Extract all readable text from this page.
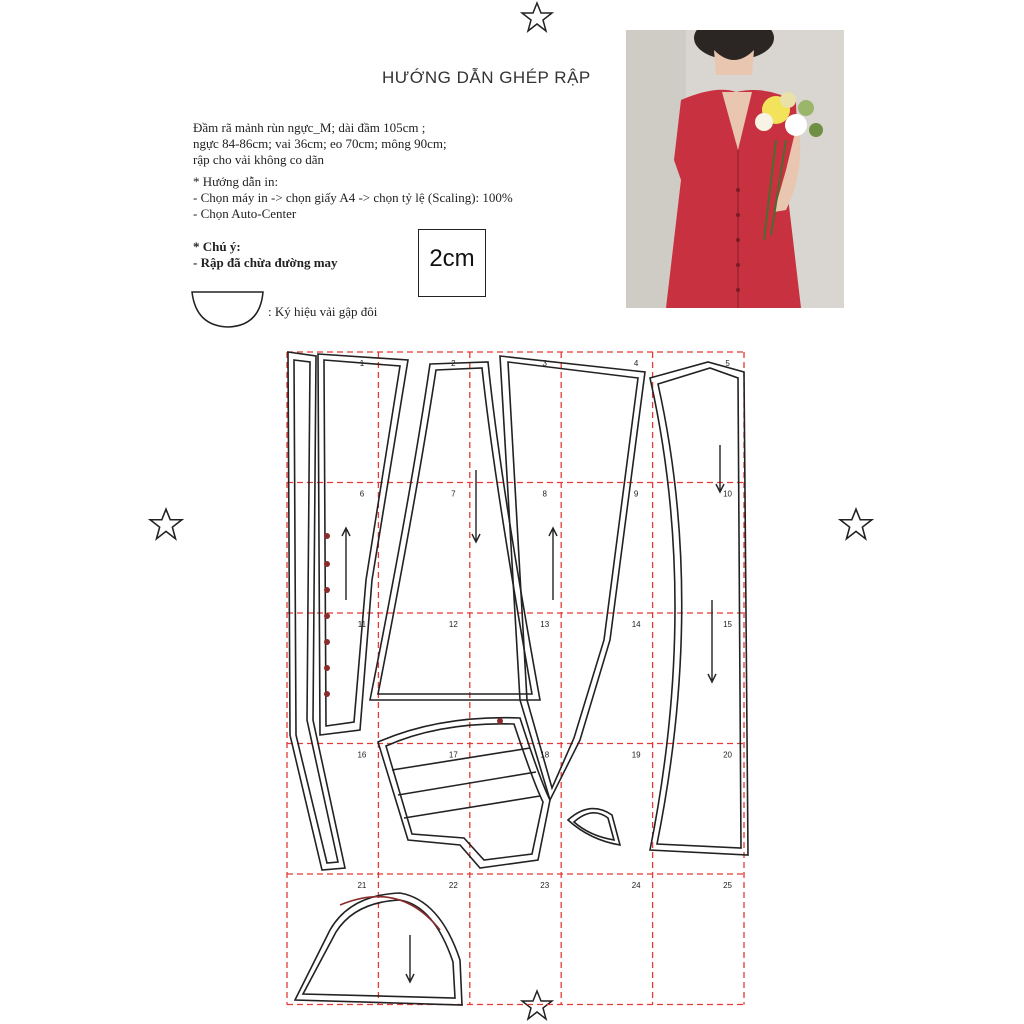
HƯỚNG DẪN GHÉP RẬP
Đầm rã mảnh rùn ngực_M; dài đầm 105cm ;
ngực 84-86cm; vai 36cm; eo 70cm; mông 90cm;
rập cho vải không co dãn
* Hướng dẫn in:
- Chọn máy in -> chọn giấy A4 -> chọn tỷ lệ (Scaling): 100%
- Chọn Auto-Center
* Chú ý:
- Rập đã chừa đường may	2cm
: Ký hiệu vải gập đôi
1	2	3	4	5
6	7	8	9	10
11	12	13	14	15
16	17	18	19	20
21	22	23	24	25
